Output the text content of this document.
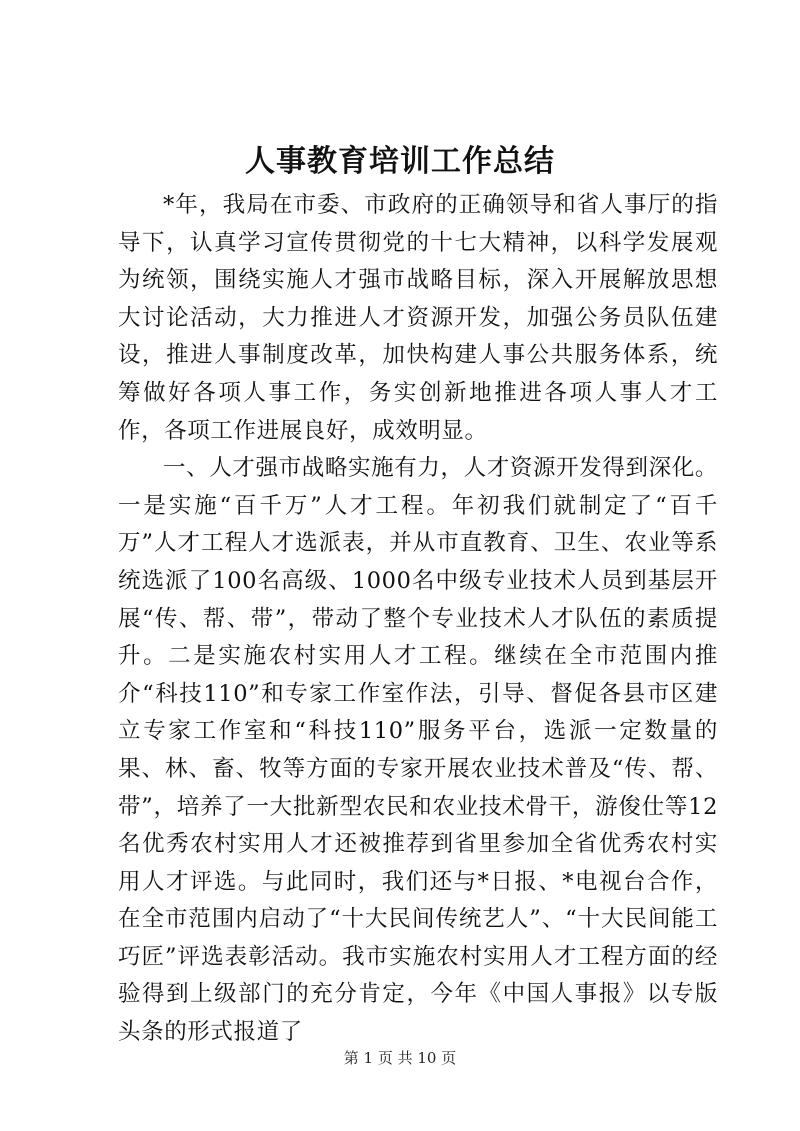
人事教育培训工作总结

*年，我局在市委、市政府的正确领导和省人事厅的指导下，认真学习宣传贯彻党的十七大精神，以科学发展观为统领，围绕实施人才强市战略目标，深入开展解放思想大讨论活动，大力推进人才资源开发，加强公务员队伍建设，推进人事制度改革，加快构建人事公共服务体系，统筹做好各项人事工作，务实创新地推进各项人事人才工作，各项工作进展良好，成效明显。

一、人才强市战略实施有力，人才资源开发得到深化。一是实施“百千万”人才工程。年初我们就制定了“百千万”人才工程人才选派表，并从市直教育、卫生、农业等系统选派了100名高级、1000名中级专业技术人员到基层开展“传、帮、带”，带动了整个专业技术人才队伍的素质提升。二是实施农村实用人才工程。继续在全市范围内推介“科技110”和专家工作室作法，引导、督促各县市区建立专家工作室和“科技110”服务平台，选派一定数量的果、林、畜、牧等方面的专家开展农业技术普及“传、帮、带”，培养了一大批新型农民和农业技术骨干，游俊仕等12名优秀农村实用人才还被推荐到省里参加全省优秀农村实用人才评选。与此同时，我们还与*日报、*电视台合作，在全市范围内启动了“十大民间传统艺人”、“十大民间能工巧匠”评选表彰活动。我市实施农村实用人才工程方面的经验得到上级部门的充分肯定，今年《中国人事报》以专版头条的形式报道了

第 1 页 共 10 页
